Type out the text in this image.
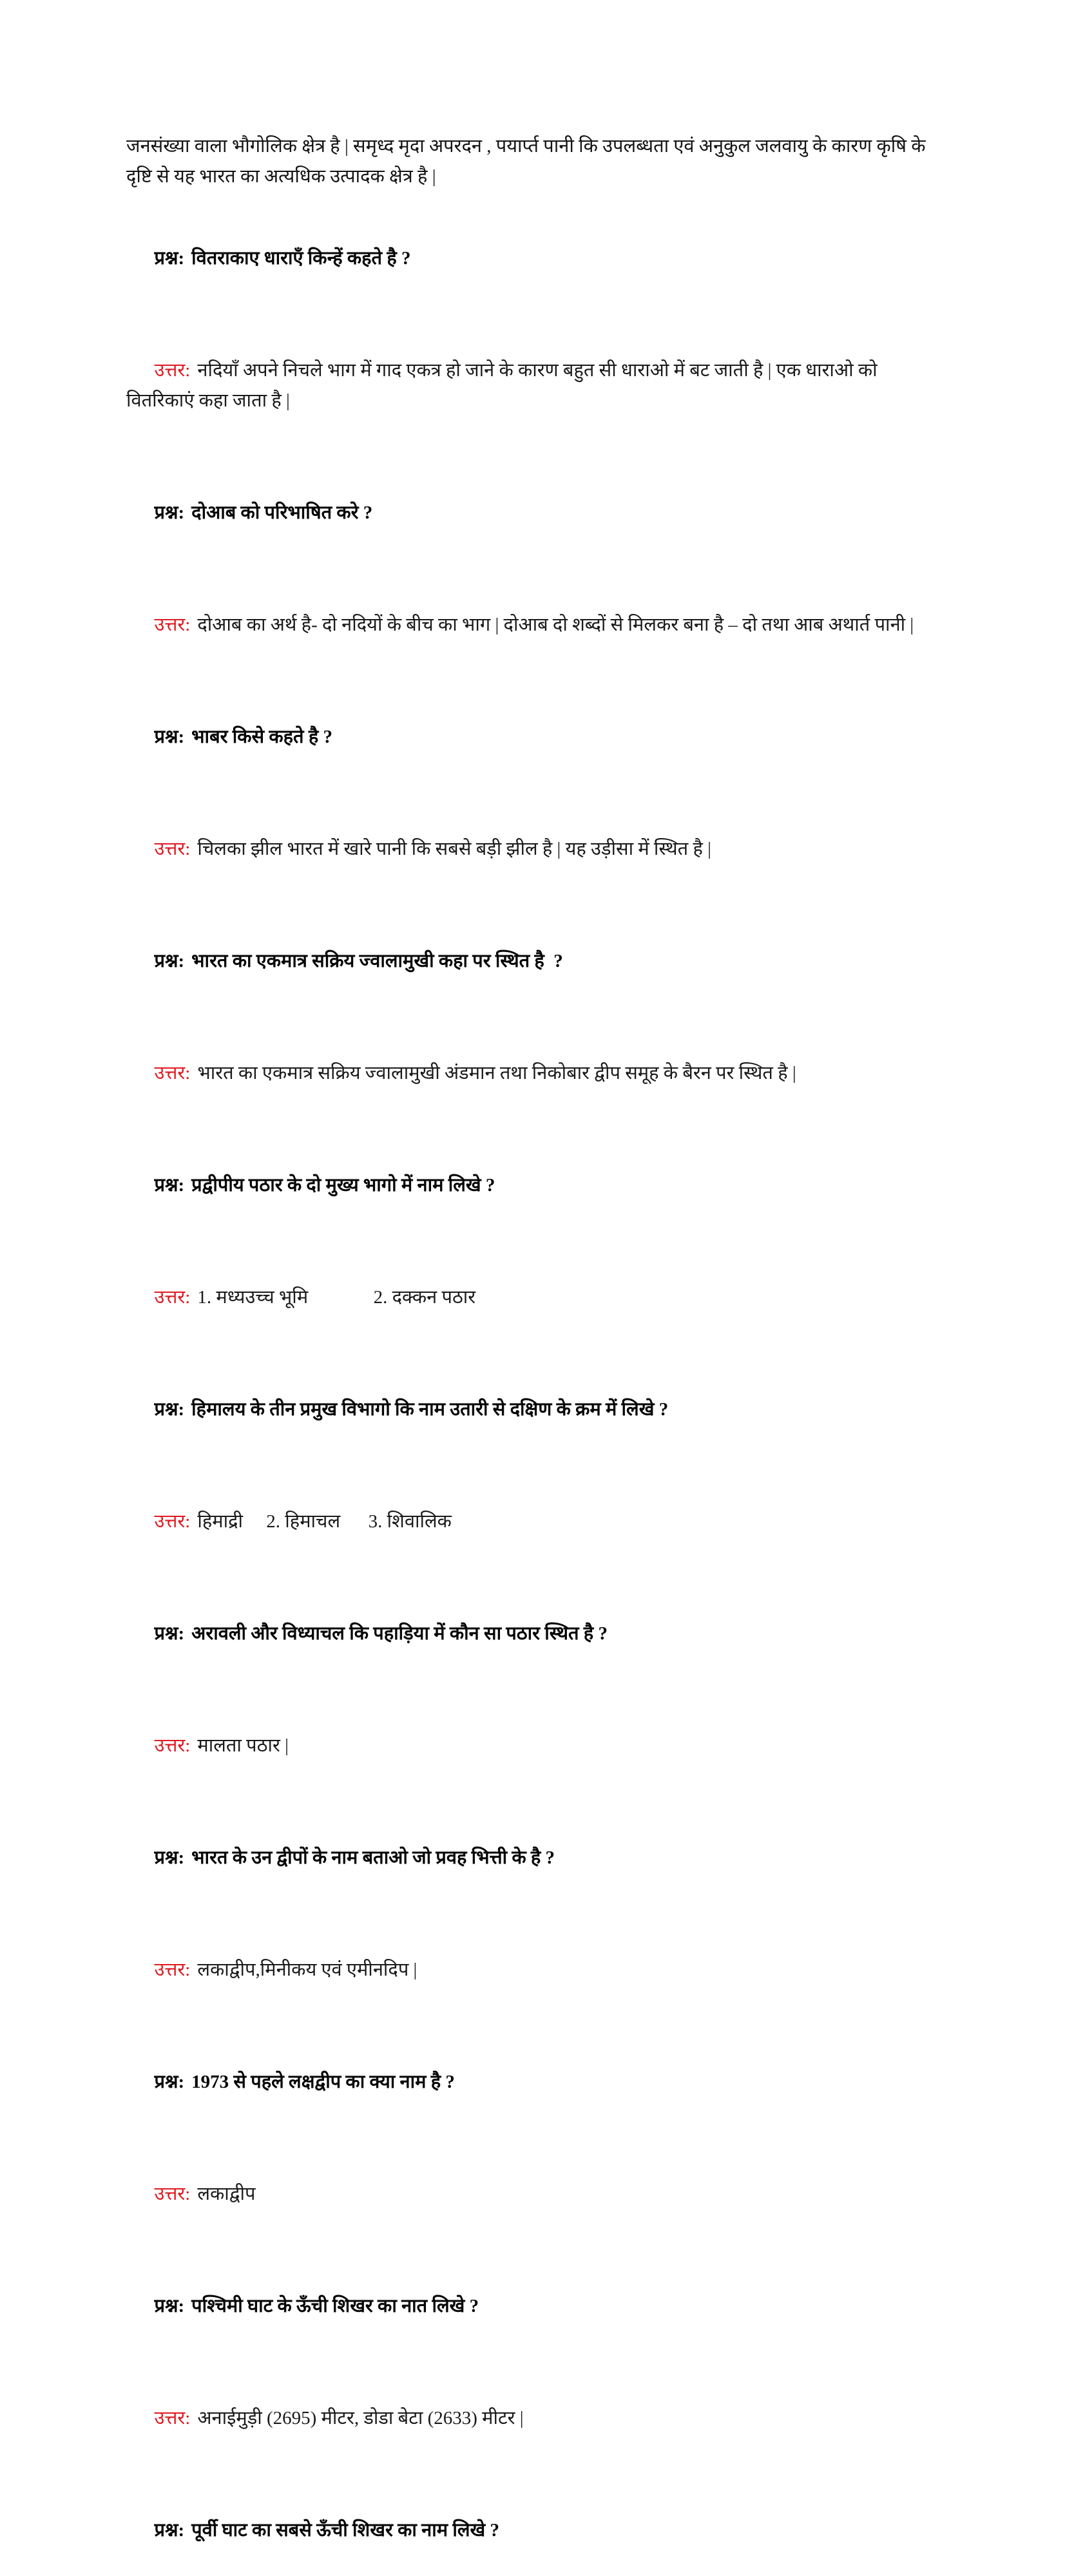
जनसंख्या वाला भौगोलिक क्षेत्र है | समृध्द मृदा अपरदन , पयार्प्त पानी कि उपलब्धता एवं अनुकुल जलवायु के कारण कृषि के दृष्टि से यह भारत का अत्यधिक उत्पादक क्षेत्र है |

प्रश्न: वितराकाए धाराएँ किन्हें कहते है ?

उत्तर: नदियाँ अपने निचले भाग में गाद एकत्र हो जाने के कारण बहुत सी धाराओ में बट जाती है | एक धाराओ को वितरिकाएं कहा जाता है |

प्रश्न: दोआब को परिभाषित करे ?

उत्तर: दोआब का अर्थ है- दो नदियों के बीच का भाग | दोआब दो शब्दों से मिलकर बना है – दो तथा आब अथार्त पानी |

प्रश्न: भाबर किसे कहते है ?

उत्तर: चिलका झील भारत में खारे पानी कि सबसे बड़ी झील है | यह उड़ीसा में स्थित है |

प्रश्न: भारत का एकमात्र सक्रिय ज्वालामुखी कहा पर स्थित है  ?

उत्तर: भारत का एकमात्र सक्रिय ज्वालामुखी अंडमान तथा निकोबार द्वीप समूह के बैरन पर स्थित है |

प्रश्न: प्रद्वीपीय पठार के दो मुख्य भागो में नाम लिखे ?

उत्तर: 1. मध्यउच्च भूमि              2. दक्कन पठार

प्रश्न: हिमालय के तीन प्रमुख विभागो कि नाम उतारी से दक्षिण के क्रम में लिखे ?

उत्तर: हिमाद्री     2. हिमाचल      3. शिवालिक

प्रश्न: अरावली और विध्याचल कि पहाड़िया में कौन सा पठार स्थित है ?

उत्तर: मालता पठार |

प्रश्न: भारत के उन द्वीपों के नाम बताओ जो प्रवह भित्ती के है ?

उत्तर: लकाद्वीप,मिनीकय एवं एमीनदिप |

प्रश्न: 1973 से पहले लक्षद्वीप का क्या नाम है ?

उत्तर: लकाद्वीप

प्रश्न: पश्चिमी घाट के ऊँची शिखर का नात लिखे ?

उत्तर: अनाईमुड़ी (2695) मीटर, डोडा बेटा (2633) मीटर |

प्रश्न: पूर्वी घाट का सबसे ऊँची शिखर का नाम लिखे ?
